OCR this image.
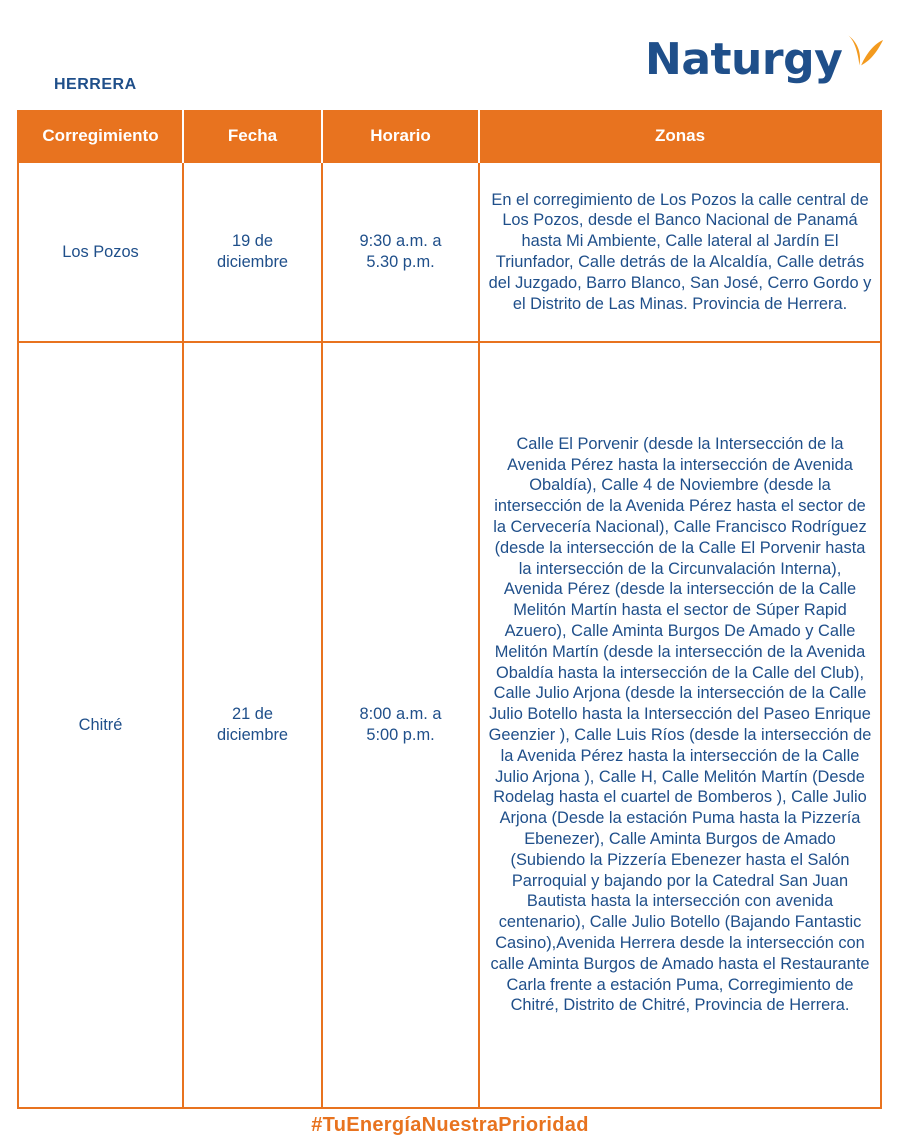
HERRERA	Naturgy
Corregimiento	Fecha	Horario	Zonas
Los Pozos	19 de diciembre	9:30 a.m. a 5.30 p.m.	En el corregimiento de Los Pozos la calle central de Los Pozos, desde el Banco Nacional de Panamá hasta Mi Ambiente, Calle lateral al Jardín El Triunfador, Calle detrás de la Alcaldía, Calle detrás del Juzgado, Barro Blanco, San José, Cerro Gordo y el Distrito de Las Minas. Provincia de Herrera.
Chitré	21 de diciembre	8:00 a.m. a 5:00 p.m.	Calle El Porvenir (desde la Intersección de la Avenida Pérez hasta la intersección de Avenida Obaldía), Calle 4 de Noviembre (desde la intersección de la Avenida Pérez hasta el sector de la Cervecería Nacional), Calle Francisco Rodríguez (desde la intersección de la Calle El Porvenir hasta la intersección de la Circunvalación Interna), Avenida Pérez (desde la intersección de la Calle Melitón Martín hasta el sector de Súper Rapid Azuero), Calle Aminta Burgos De Amado y Calle Melitón Martín (desde la intersección de la Avenida Obaldía hasta la intersección de la Calle del Club), Calle Julio Arjona (desde la intersección de la Calle Julio Botello hasta la Intersección del Paseo Enrique Geenzier ), Calle Luis Ríos (desde la intersección de la Avenida Pérez hasta la intersección de la Calle Julio Arjona ), Calle H, Calle Melitón Martín (Desde Rodelag hasta el cuartel de Bomberos ), Calle Julio Arjona (Desde la estación Puma hasta la Pizzería Ebenezer), Calle Aminta Burgos de Amado (Subiendo la Pizzería Ebenezer hasta el Salón Parroquial y bajando por la Catedral San Juan Bautista hasta la intersección con avenida centenario), Calle Julio Botello (Bajando Fantastic Casino),Avenida Herrera desde la intersección con calle Aminta Burgos de Amado hasta el Restaurante Carla frente a estación Puma, Corregimiento de Chitré, Distrito de Chitré, Provincia de Herrera.
#TuEnergíaNuestraPrioridad
